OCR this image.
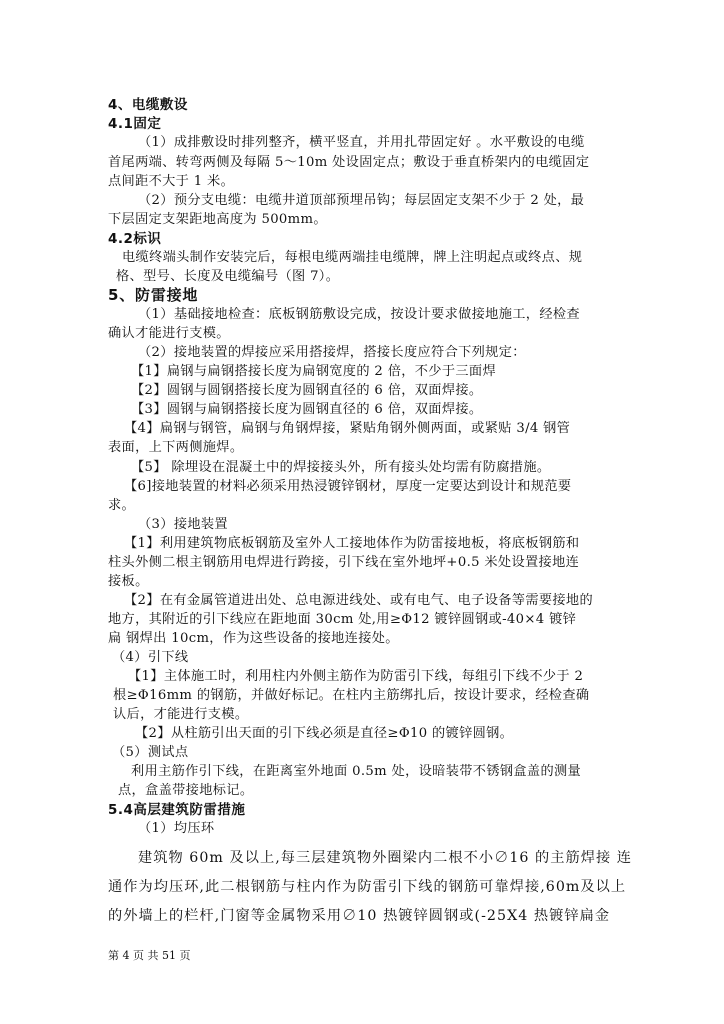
4、电缆敷设
4.1固定
（1）成排敷设时排列整齐，横平竖直，并用扎带固定好 。水平敷设的电缆
首尾两端、转弯两侧及每隔 5～10m 处设固定点；敷设于垂直桥架内的电缆固定
点间距不大于 1 米。
（2）预分支电缆：电缆井道顶部预埋吊钩；每层固定支架不少于 2 处，最
下层固定支架距地高度为 500mm。
4.2标识
电缆终端头制作安装完后，每根电缆两端挂电缆牌，牌上注明起点或终点、规
格、型号、长度及电缆编号（图 7）。
5、防雷接地
（1）基础接地检查：底板钢筋敷设完成，按设计要求做接地施工，经检查
确认才能进行支模。
（2）接地装置的焊接应采用搭接焊，搭接长度应符合下列规定：
【1】扁钢与扁钢搭接长度为扁钢宽度的 2 倍，不少于三面焊
【2】圆钢与圆钢搭接长度为圆钢直径的 6 倍，双面焊接。
【3】圆钢与扁钢搭接长度为圆钢直径的 6 倍，双面焊接。
【4】扁钢与钢管，扁钢与角钢焊接，紧贴角钢外侧两面，或紧贴 3/4 钢管
表面，上下两侧施焊。
【5】 除埋设在混凝土中的焊接接头外，所有接头处均需有防腐措施。
【6]接地装置的材料必须采用热浸镀锌钢材，厚度一定要达到设计和规范要
求。
（3）接地装置
【1】利用建筑物底板钢筋及室外人工接地体作为防雷接地板，将底板钢筋和
柱头外侧二根主钢筋用电焊进行跨接，引下线在室外地坪+0.5 米处设置接地连
接板。
【2】在有金属管道进出处、总电源进线处、或有电气、电子设备等需要接地的
地方，其附近的引下线应在距地面 30cm 处,用≥Φ12 镀锌圆钢或-40×4 镀锌
扁 钢焊出 10cm，作为这些设备的接地连接处。
（4）引下线
【1】主体施工时，利用柱内外侧主筋作为防雷引下线，每组引下线不少于 2
根≥Φ16mm 的钢筋，并做好标记。在柱内主筋绑扎后，按设计要求，经检查确
认后，才能进行支模。
【2】从柱筋引出天面的引下线必须是直径≥Φ10 的镀锌圆钢。
（5）测试点
利用主筋作引下线，在距离室外地面 0.5m 处，设暗装带不锈钢盒盖的测量
点，盒盖带接地标记。
5.4高层建筑防雷措施
（1）均压环
建筑物 60m 及以上,每三层建筑物外圈梁内二根不小∅16 的主筋焊接 连
通作为均压环,此二根钢筋与柱内作为防雷引下线的钢筋可靠焊接,60m及以上
的外墙上的栏杆,门窗等金属物采用∅10 热镀锌圆钢或(-25X4 热镀锌扁金
第 4 页 共 51 页
